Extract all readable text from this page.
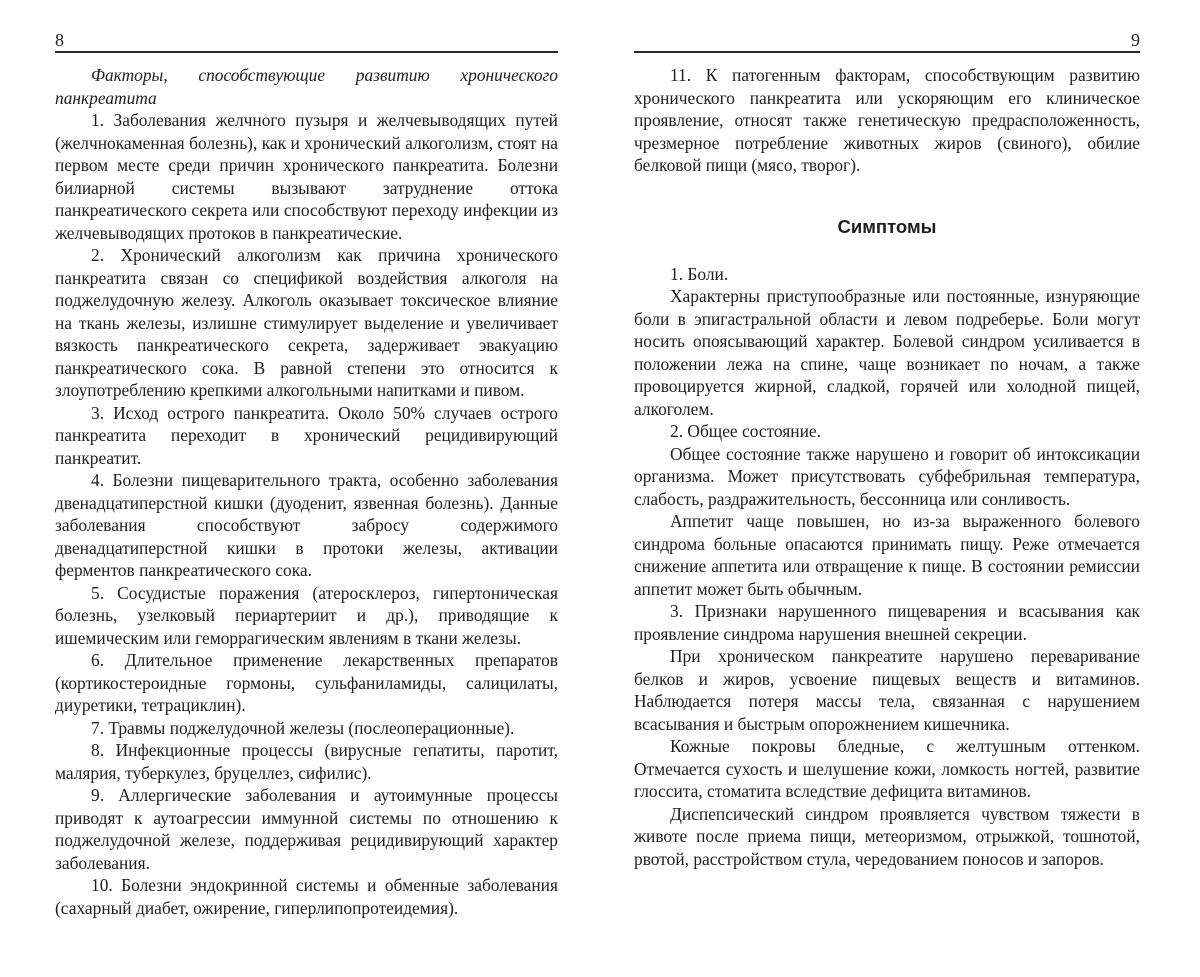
8

Факторы, способствующие развитию хронического панкреатита

1. Заболевания желчного пузыря и желчевыводящих путей (желчнокаменная болезнь), как и хронический алкоголизм, стоят на первом месте среди причин хронического панкреатита. Болезни билиарной системы вызывают затруднение оттока панкреатического секрета или способствуют переходу инфекции из желчевыводящих протоков в панкреатические.

2. Хронический алкоголизм как причина хронического панкреатита связан со спецификой воздействия алкоголя на поджелудочную железу. Алкоголь оказывает токсическое влияние на ткань железы, излишне стимулирует выделение и увеличивает вязкость панкреатического секрета, задерживает эвакуацию панкреатического сока. В равной степени это относится к злоупотреблению крепкими алкогольными напитками и пивом.

3. Исход острого панкреатита. Около 50% случаев острого панкреатита переходит в хронический рецидивирующий панкреатит.

4. Болезни пищеварительного тракта, особенно заболевания двенадцатиперстной кишки (дуоденит, язвенная болезнь). Данные заболевания способствуют забросу содержимого двенадцатиперстной кишки в протоки железы, активации ферментов панкреатического сока.

5. Сосудистые поражения (атеросклероз, гипертоническая болезнь, узелковый периартериит и др.), приводящие к ишемическим или геморрагическим явлениям в ткани железы.

6. Длительное применение лекарственных препаратов (кортикостероидные гормоны, сульфаниламиды, салицилаты, диуретики, тетрациклин).

7. Травмы поджелудочной железы (послеоперационные).

8. Инфекционные процессы (вирусные гепатиты, паротит, малярия, туберкулез, бруцеллез, сифилис).

9. Аллергические заболевания и аутоимунные процессы приводят к аутоагрессии иммунной системы по отношению к поджелудочной железе, поддерживая рецидивирующий характер заболевания.

10. Болезни эндокринной системы и обменные заболевания (сахарный диабет, ожирение, гиперлипопротеидемия).

9

11. К патогенным факторам, способствующим развитию хронического панкреатита или ускоряющим его клиническое проявление, относят также генетическую предрасположенность, чрезмерное потребление животных жиров (свиного), обилие белковой пищи (мясо, творог).

Симптомы

1. Боли.

Характерны приступообразные или постоянные, изнуряющие боли в эпигастральной области и левом подреберье. Боли могут носить опоясывающий характер. Болевой синдром усиливается в положении лежа на спине, чаще возникает по ночам, а также провоцируется жирной, сладкой, горячей или холодной пищей, алкоголем.

2. Общее состояние.

Общее состояние также нарушено и говорит об интоксикации организма. Может присутствовать субфебрильная температура, слабость, раздражительность, бессонница или сонливость.

Аппетит чаще повышен, но из-за выраженного болевого синдрома больные опасаются принимать пищу. Реже отмечается снижение аппетита или отвращение к пище. В состоянии ремиссии аппетит может быть обычным.

3. Признаки нарушенного пищеварения и всасывания как проявление синдрома нарушения внешней секреции.

При хроническом панкреатите нарушено переваривание белков и жиров, усвоение пищевых веществ и витаминов. Наблюдается потеря массы тела, связанная с нарушением всасывания и быстрым опорожнением кишечника.

Кожные покровы бледные, с желтушным оттенком. Отмечается сухость и шелушение кожи, ломкость ногтей, развитие глоссита, стоматита вследствие дефицита витаминов.

Диспепсический синдром проявляется чувством тяжести в животе после приема пищи, метеоризмом, отрыжкой, тошнотой, рвотой, расстройством стула, чередованием поносов и запоров.
